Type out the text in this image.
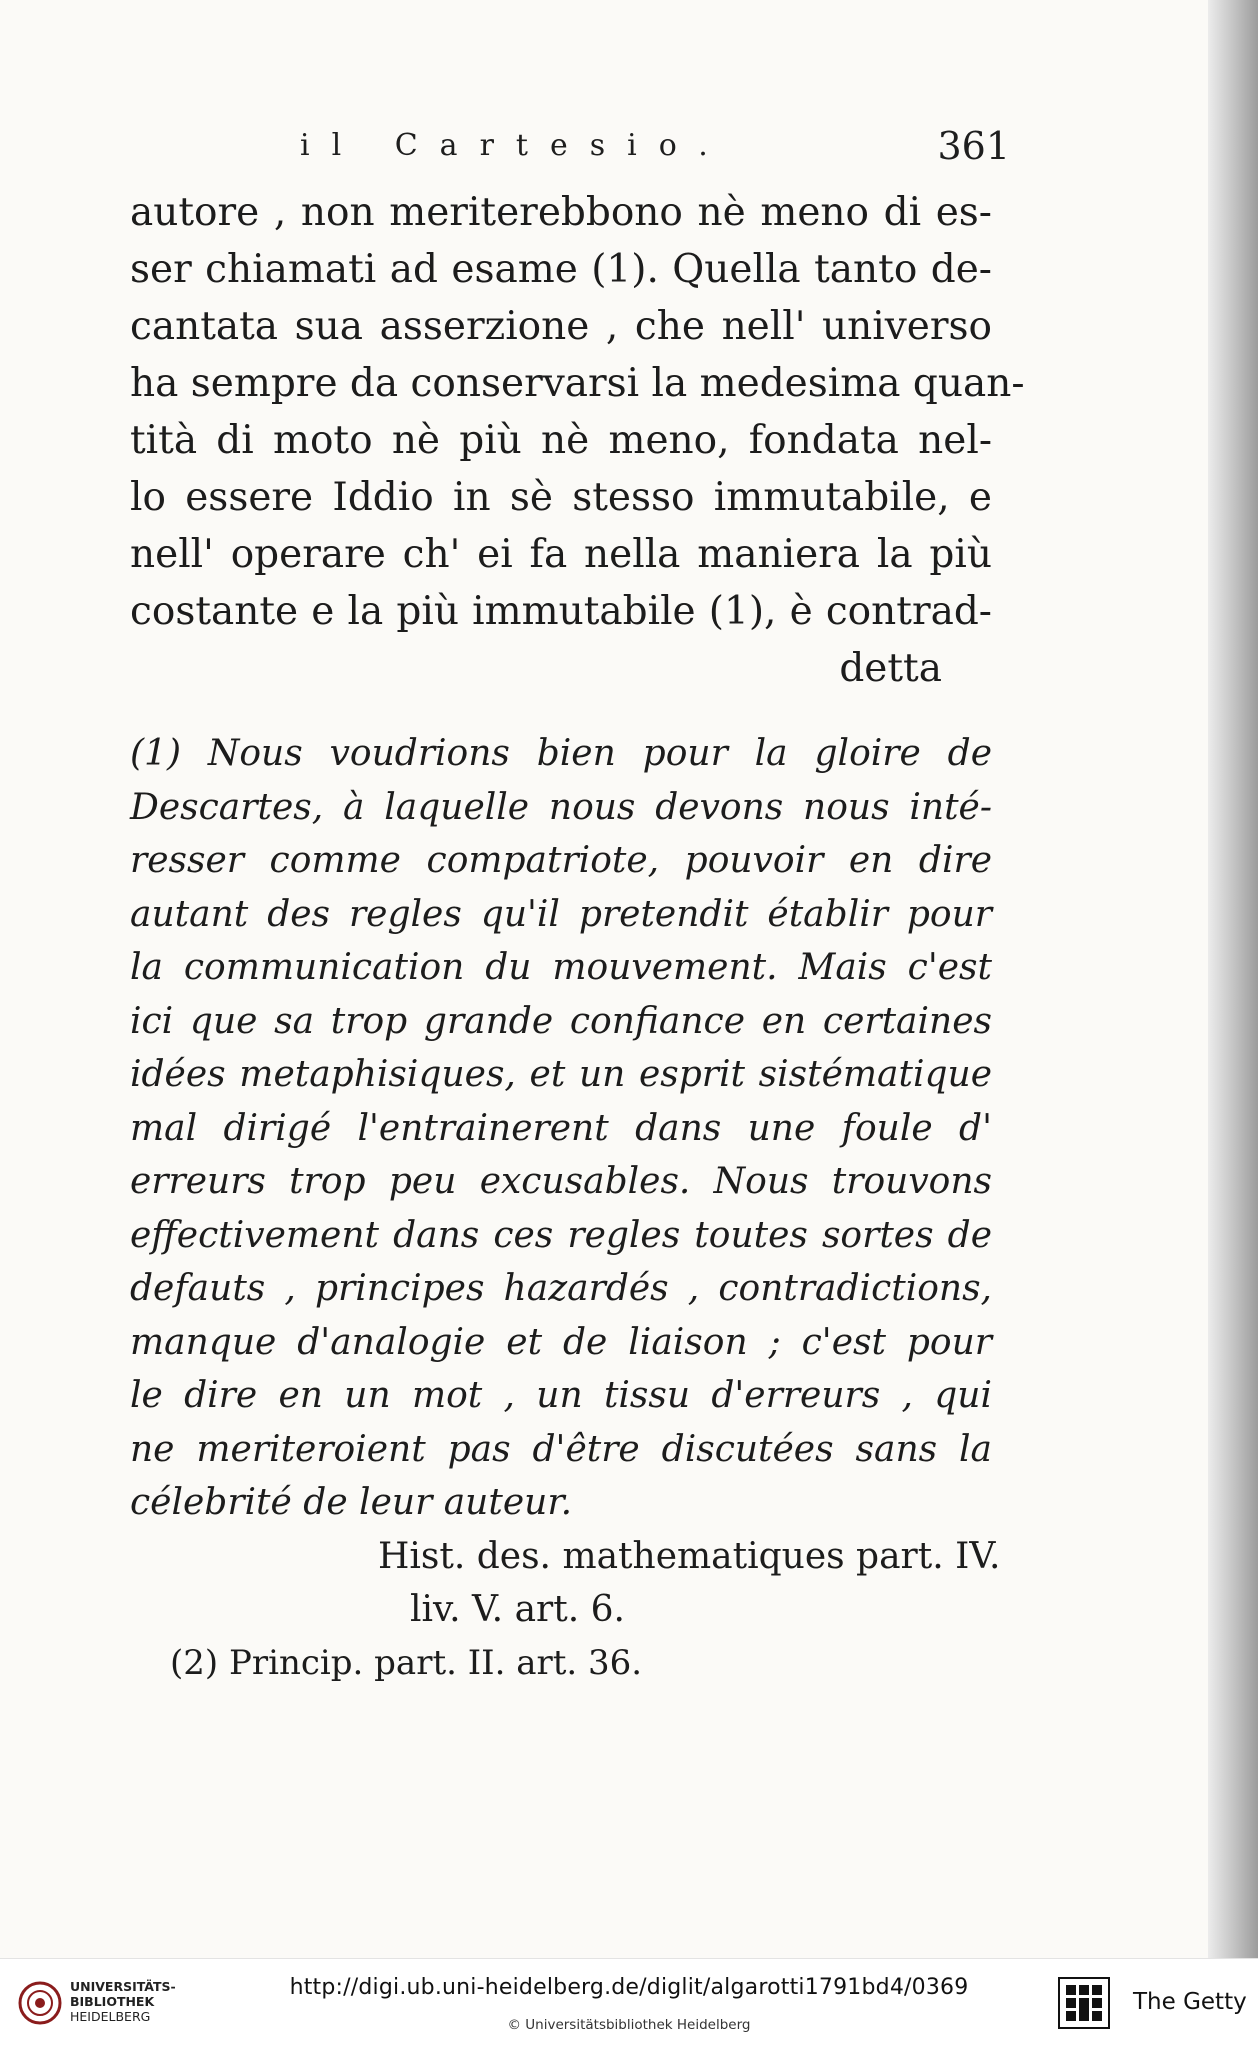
il Cartesio.	361
autore , non meriterebbono nè meno di es-
ser chiamati ad esame (1). Quella tanto de-
cantata sua asserzione , che nell' universo
ha sempre da conservarsi la medesima quan-
tità di moto nè più nè meno, fondata nel-
lo essere Iddio in sè stesso immutabile, e
nell' operare ch' ei fa nella maniera la più
costante e la più immutabile (1), è contrad-
detta
(1) Nous voudrions bien pour la gloire de
Descartes, à laquelle nous devons nous inté-
resser comme compatriote, pouvoir en dire
autant des regles qu'il pretendit établir pour
la communication du mouvement. Mais c'est
ici que sa trop grande confiance en certaines
idées metaphisiques, et un esprit sistématique
mal dirigé l'entrainerent dans une foule d'
erreurs trop peu excusables. Nous trouvons
effectivement dans ces regles toutes sortes de
defauts , principes hazardés , contradictions,
manque d'analogie et de liaison ; c'est pour
le dire en un mot , un tissu d'erreurs , qui
ne meriteroient pas d'être discutées sans la
célebrité de leur auteur.
Hist. des. mathematiques part. IV.
liv. V. art. 6.
(2) Princip. part. II. art. 36.
UNIVERSITÄTS-
BIBLIOTHEK
HEIDELBERG
http://digi.ub.uni-heidelberg.de/diglit/algarotti1791bd4/0369
© Universitätsbibliothek Heidelberg
The Getty
